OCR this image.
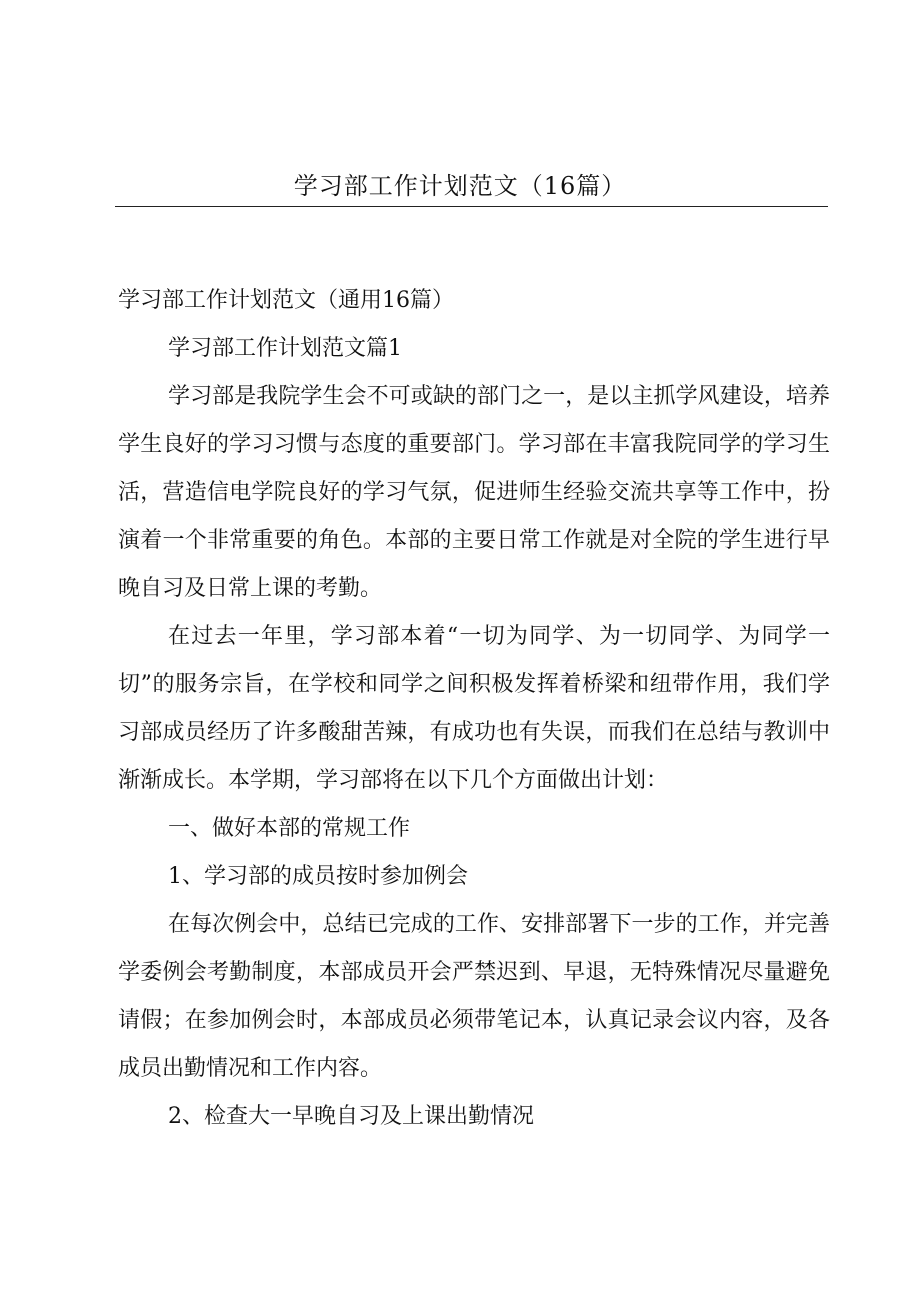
学习部工作计划范文（16篇）

学习部工作计划范文（通用16篇）

学习部工作计划范文篇1

学习部是我院学生会不可或缺的部门之一，是以主抓学风建设，培养学生良好的学习习惯与态度的重要部门。学习部在丰富我院同学的学习生活，营造信电学院良好的学习气氛，促进师生经验交流共享等工作中，扮演着一个非常重要的角色。本部的主要日常工作就是对全院的学生进行早晚自习及日常上课的考勤。

在过去一年里，学习部本着“一切为同学、为一切同学、为同学一切”的服务宗旨，在学校和同学之间积极发挥着桥梁和纽带作用，我们学习部成员经历了许多酸甜苦辣，有成功也有失误，而我们在总结与教训中渐渐成长。本学期，学习部将在以下几个方面做出计划：

一、做好本部的常规工作

1、学习部的成员按时参加例会

在每次例会中，总结已完成的工作、安排部署下一步的工作，并完善学委例会考勤制度，本部成员开会严禁迟到、早退，无特殊情况尽量避免请假；在参加例会时，本部成员必须带笔记本，认真记录会议内容，及各成员出勤情况和工作内容。

2、检查大一早晚自习及上课出勤情况
